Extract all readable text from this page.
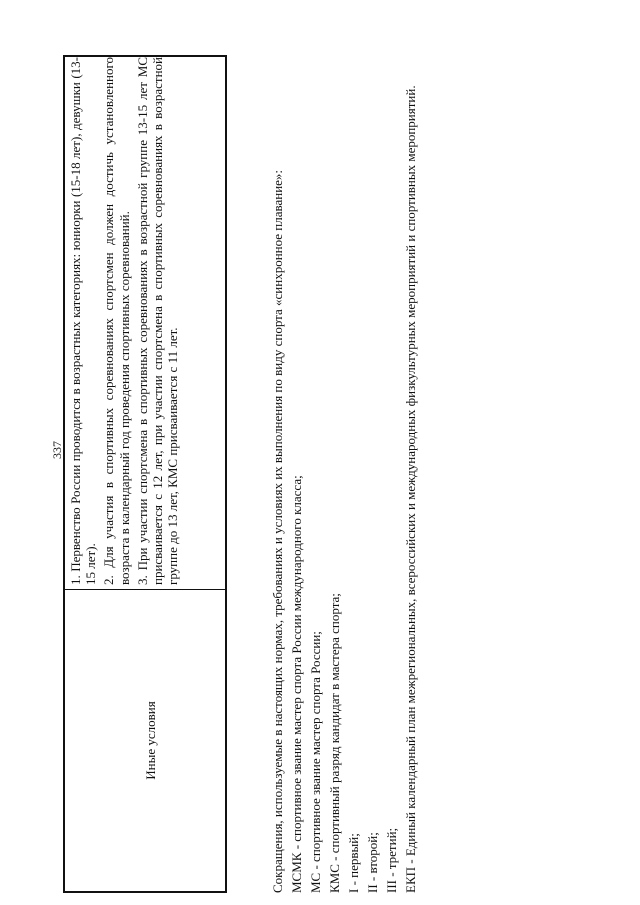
337
Иные условия

1. Первенство России проводится в возрастных категориях: юниорки (15-18 лет), девушки (13-15 лет). 2. Для участия в спортивных соревнованиях спортсмен должен достичь установленного возраста в календарный год проведения спортивных соревнований. 3. При участии спортсмена в спортивных соревнованиях в возрастной группе 13-15 лет МС присваивается с 12 лет, при участии спортсмена в спортивных соревнованиях в возрастной группе до 13 лет, КМС присваивается с 11 лет.	Сокращения, используемые в настоящих нормах, требованиях и условиях их выполнения по виду спорта «синхронное плавание»: МСМК - спортивное звание мастер спорта России международного класса; МС - спортивное звание мастер спорта России; КМС - спортивный разряд кандидат в мастера спорта; I - первый; II - второй; III - третий; ЕКП - Единый календарный план межрегиональных, всероссийских и международных физкультурных мероприятий и спортивных мероприятий.
